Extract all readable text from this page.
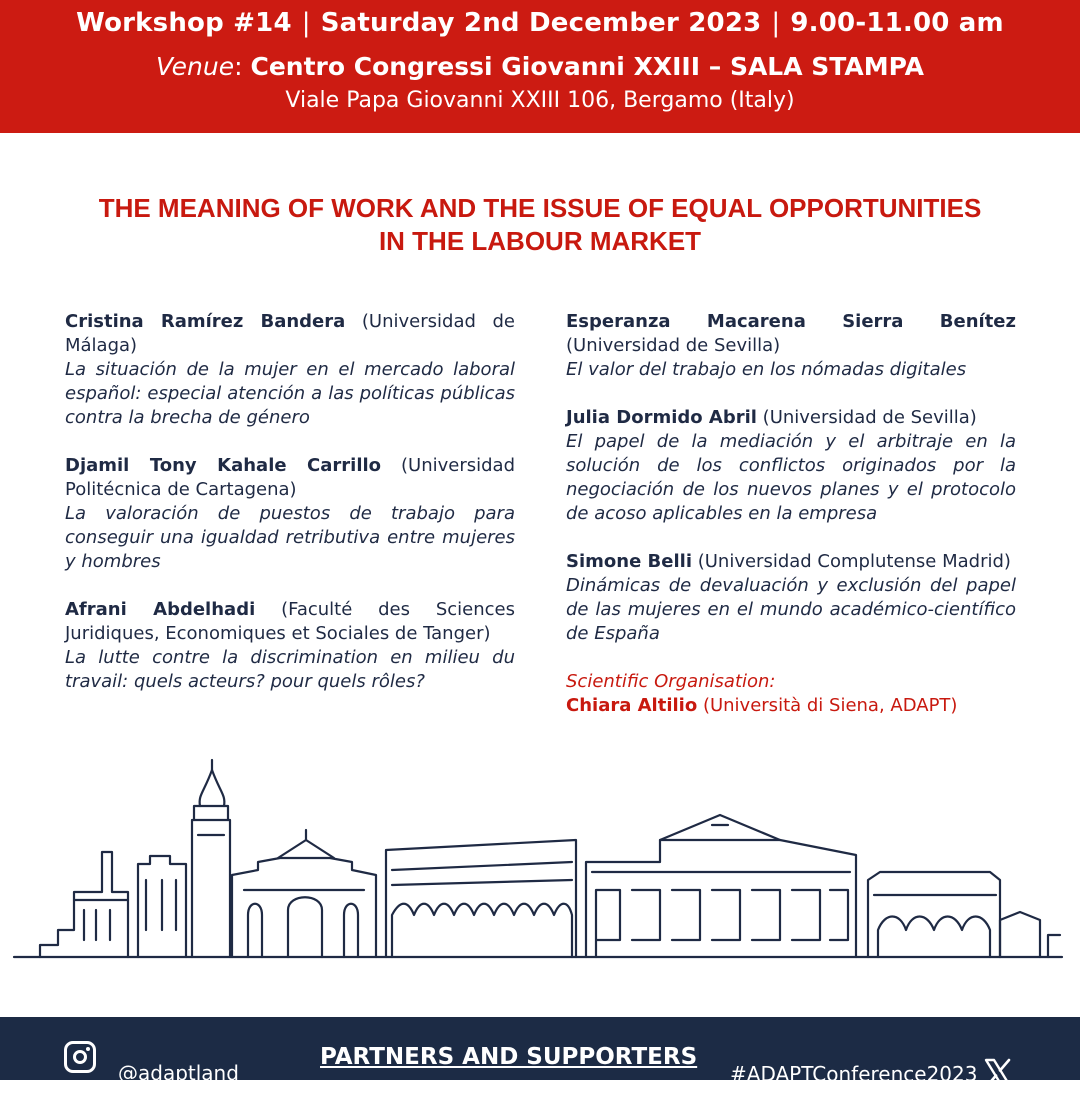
Workshop #14 | Saturday 2nd December 2023 | 9.00-11.00 am
Venue: Centro Congressi Giovanni XXIII – SALA STAMPA
Viale Papa Giovanni XXIII 106, Bergamo (Italy)
THE MEANING OF WORK AND THE ISSUE OF EQUAL OPPORTUNITIES
IN THE LABOUR MARKET
Cristina Ramírez Bandera (Universidad de Málaga)
La situación de la mujer en el mercado laboral español: especial atención a las políticas públicas contra la brecha de género
Djamil Tony Kahale Carrillo (Universidad Politécnica de Cartagena)
La valoración de puestos de trabajo para conseguir una igualdad retributiva entre mujeres y hombres
Afrani Abdelhadi (Faculté des Sciences Juridiques, Economiques et Sociales de Tanger)
La lutte contre la discrimination en milieu du travail: quels acteurs? pour quels rôles?
Esperanza Macarena Sierra Benítez (Universidad de Sevilla)
El valor del trabajo en los nómadas digitales
Julia Dormido Abril (Universidad de Sevilla)
El papel de la mediación y el arbitraje en la solución de los conflictos originados por la negociación de los nuevos planes y el protocolo de acoso aplicables en la empresa
Simone Belli (Universidad Complutense Madrid)
Dinámicas de devaluación y exclusión del papel de las mujeres en el mundo académico-científico de España
Scientific Organisation:
Chiara Altilio (Università di Siena, ADAPT)
@adaptland
PARTNERS AND SUPPORTERS
internationalconference.adapt.it
#ADAPTConference2023
